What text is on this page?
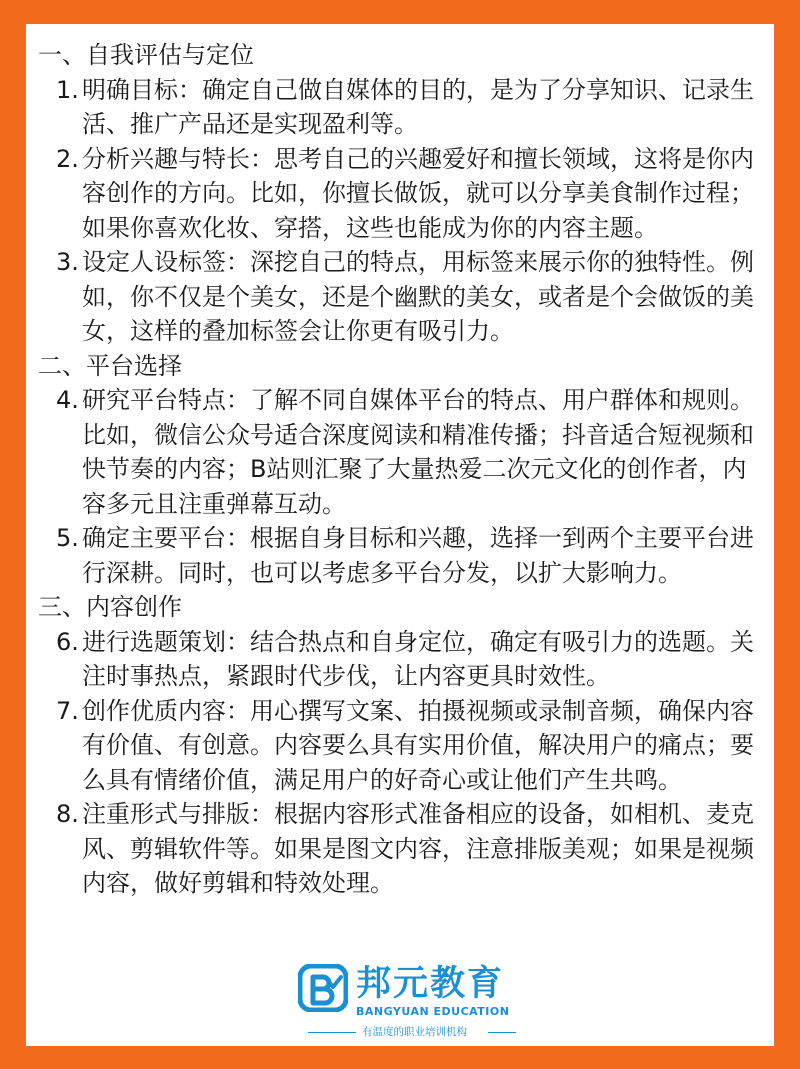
一、自我评估与定位
1. 明确目标：确定自己做自媒体的目的，是为了分享知识、记录生活、推广产品还是实现盈利等。
2. 分析兴趣与特长：思考自己的兴趣爱好和擅长领域，这将是你内容创作的方向。比如，你擅长做饭，就可以分享美食制作过程；如果你喜欢化妆、穿搭，这些也能成为你的内容主题。
3. 设定人设标签：深挖自己的特点，用标签来展示你的独特性。例如，你不仅是个美女，还是个幽默的美女，或者是个会做饭的美女，这样的叠加标签会让你更有吸引力。
二、平台选择
4. 研究平台特点：了解不同自媒体平台的特点、用户群体和规则。比如，微信公众号适合深度阅读和精准传播；抖音适合短视频和快节奏的内容；B站则汇聚了大量热爱二次元文化的创作者，内容多元且注重弹幕互动。
5. 确定主要平台：根据自身目标和兴趣，选择一到两个主要平台进行深耕。同时，也可以考虑多平台分发，以扩大影响力。
三、内容创作
6. 进行选题策划：结合热点和自身定位，确定有吸引力的选题。关注时事热点，紧跟时代步伐，让内容更具时效性。
7. 创作优质内容：用心撰写文案、拍摄视频或录制音频，确保内容有价值、有创意。内容要么具有实用价值，解决用户的痛点；要么具有情绪价值，满足用户的好奇心或让他们产生共鸣。
8. 注重形式与排版：根据内容形式准备相应的设备，如相机、麦克风、剪辑软件等。如果是图文内容，注意排版美观；如果是视频内容，做好剪辑和特效处理。
邦元教育
BANGYUAN EDUCATION
有温度的职业培训机构
